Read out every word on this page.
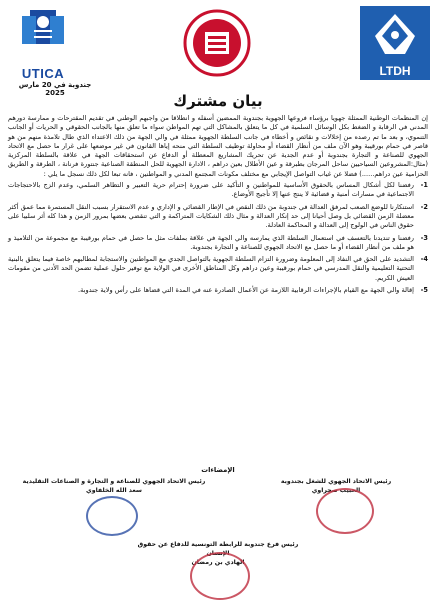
UTICA	LTDH
جندوبة في 20 مارس 2025	بيان مشترك

إن المنظمات الوطنية الممثلة جهويا برؤساء فروعها الجهوية بجندوبة الممضين أسفله و انطلاقا من واجبهم الوطني في تقديم المقترحات و ممارسة دورهم المدني في الرقابة و الضغط بكل الوسائل السلمية في كل ما يتعلق بالمشاكل التي تهم المواطن سواء ما تعلق منها بالجانب الحقوقي و الحريات أو الجانب التنموي، و بعد ما تم رصده من إخلالات و نقائص و أخطاء في جانب السلطة الجهوية ممثلة في والي الجهة من ذلك الاعتداء الذي طال تلامذة منهم من هو قاصر في حمام بورقيبة وهو الآن ملف من أنظار القضاء أو محاولة توظيف السلطة التي منحه إياها القانون في غير موضعها على غرار ما حصل مع الاتحاد الجهوي للصناعة و التجارة بجندوبة أو عدم الجدية عن تحريك المشاريع المعطلة أو الدفاع عن استحقاقات الجهة في علاقة بالسلطة المركزية (مثال:المشروعين السياحيين ساحل المرجان بطبرقة و عين الأطلال بعين دراهم ، الادارة الجهوية للحل المنطقة الصناعية جنتورة فرنانة ، الطرقة و الطريق الحزامية عين دراهم......) فضلا عن غياب التواصل الإيجابي مع مختلف مكونات المجتمع المدني و المواطنين ، فانه تبعا لكل ذلك نسجل ما يلي :

1-
رفضنا لكل أشكال المساس بالحقوق الأساسية للمواطنين و التأكيد على ضرورة إحترام حرية التعبير و التظاهر السلمي، وعدم الزج بالاحتجاجات الاجتماعية في مسارات أمنية و قضائية لا ينتج عنها إلا تأجيج الأوضاع.
2-
استنكارنا للوضع الصعب لمرفق العدالة في جندوبة من ذلك النقص في الإطار القضائي و الإداري و عدم الاستقرار بسبب النقل المستمرة مما عمق أكثر معضلة الزمن القضائي بل وصل أحيانا إلى حد إنكار العدالة و مثال ذلك الشكايات المتراكمة و التي تنقضي بعضها بمرور الزمن و هذا كله أثر سلبيا على حقوق الناس في الولوج إلى العدالة و المحاكمة العادلة.
3-
رفضنا و تنديدنا بالتعسف في استعمال السلطة الذي يمارسه والي الجهة في علاقة بملفات مثل ما حصل في حمام بورقيبة مع مجموعة من التلاميذ و هو ملف من أنظار القضاء أو ما حصل مع الاتحاد الجهوي للصناعة و التجارة بجندوبة.
4-
التشديد على الحق في النفاذ إلى المعلومة وضرورة التزام السلطة الجهوية بالتواصل الجدي مع المواطنين والاستجابة لمطالبهم خاصة فيما يتعلق بالبنية التحتية التعليمية والنقل المدرسي في حمام بورقيبة وعين دراهم وكل المناطق الأخرى في الولاية مع توفير حلول عملية تضمن الحد الأدنى من مقومات العيش الكريم.
5-
إقالة والي الجهة مع القيام بالإجراءات الرقابية اللازمة عن الأعمال الصادرة عنه في المدة التي قضاها على رأس ولاية جندوبة.
الإمضاءات
رئيس الاتحاد الجهوي للشغل بجندوبة
الحبيب صحراوي
رئيس الاتحاد الجهوي للصناعة و التجارة و الصناعات التقليدية
سعد الله الخلفاوي
رئيس فرع جندوبة للرابطة التونسية للدفاع عن حقوق الإنسان
الهادي بن رمضان
